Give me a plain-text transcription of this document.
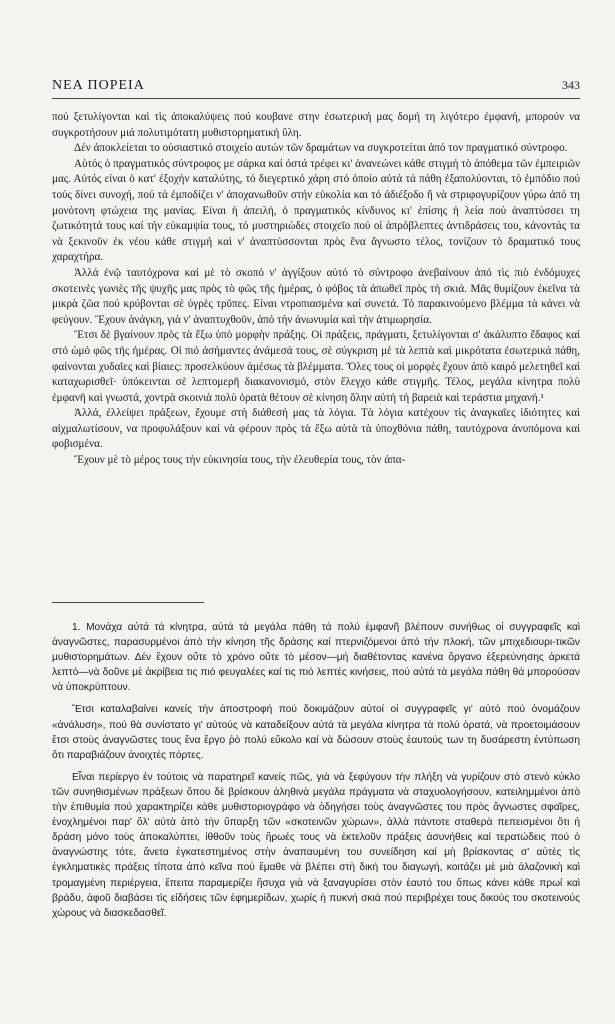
ΝΕΑ ΠΟΡΕΙΑ	343

πού ξετυλίγονται καὶ τὶς ἀποκαλύψεις πού κουβανε στην ἐσωτερική μας δομή τη λιγότερο ἐμφανή, μπορούν να συγκροτήσουν μιά πολυτιμότατη μυθιστορηματική ὕλη.

Δέν ἀποκλείεται το οὐσιαστικό στοιχείο αυτών τῶν δραμάτων να συγκροτείται ἀπό τον πραγματικό σύντροφο.

Αὐτός ὁ πραγματικός σύντροφος με σάρκα καί ὀστά τρέφει κι' ἀνανεώνει κάθε στιγμή τὸ ἀπόθεμα τῶν ἐμπειριῶν μας. Αὐτός είναι ὁ κατ' ἐξοχήν καταλύτης, τό διεγερτικό χάρη στό ὁποίο αὐτά τά πάθη ἐξαπολύονται, τό ἐμπόδιο πού τούς δίνει συνοχή, πού τά ἐμποδίζει ν' ἀποχανωθοῦν στήν εὐκολία και τό ἀδιέξοδο ἤ νὰ στριφογυρίζουν γύρω ἀπό τη μονότονη φτώχεια της μανίας. Είναι ἡ ἀπειλή, ὁ πραγματικός κίνδυνος κι' ἐπίσης ἡ λεία πού ἀναπτύσσει τη ζωτικότητά τους καί τήν εὐκαμψία τους, τό μυστηριώδες στοιχεῖο πού οἱ ἀπρόβλεπτες ἀντιδράσεις του, κάνοντάς τα νὰ ξεκινοῦν ἐκ νέου κάθε στιγμή καὶ ν' ἀναπτύσσονται πρὸς ἕνα ἄγνωστο τέλος, τονίζουν τὸ δραματικό τους χαραχτήρα.

Ἀλλά ἐνῷ ταυτόχρονα καί μὲ τὸ σκοπό ν' ἀγγίξουν αὐτό τὸ σύντροφο ἀνεβαίνουν ἀπό τὶς πιὸ ἐνδόμυχες σκοτεινὲς γωνιὲς τῆς ψυχῆς μας πρὸς τὸ φῶς τῆς ἡμέρας, ὁ φόβος τὰ ἀπωθεῖ πρὸς τὴ σκιά. Μᾶς θυμίζουν ἐκεῖνα τὰ μικρὰ ζῶα πού κρύβονται σὲ ὑγρὲς τρῦπες. Είναι ντροπιασμένα καί συνετά. Τό παρακινούμενο βλέμμα τὰ κάνει νὰ φεύγουν. Ἔχουν ἀνάγκη, γιὰ ν' ἀναπτυχθοῦν, ἀπό τὴν ἀνωνυμία καὶ τὴν ἀτιμωρησία.

Ἔτσι δὲ βγαίνουν πρὸς τὰ ἔξω ὑπὸ μορφὴν πράξης. Οἱ πράξεις, πράγματι, ξετυλίγονται σ' ἀκάλυπτο ἔδαφος καί στό ὠμό φῶς τῆς ἡμέρας. Οἱ πιό ἀσήμαντες ἀνάμεσά τους, σὲ σύγκριση μὲ τὰ λεπτὰ καὶ μικρότατα ἐσωτερικά πάθη, φαίνονται χυδαῖες καὶ βίαιες: προσελκύουν ἀμέσως τὰ βλέμματα. Ὅλες τους οἱ μορφὲς ἔχουν ἀπὸ καιρό μελετηθεῖ καὶ καταχωρισθεῖ· ὑπόκεινται σὲ λεπτομερῆ διακανονισμό, στὸν ἔλεγχο κάθε στιγμῆς. Τέλος, μεγάλα κίνητρα πολὺ ἐμφανῆ καὶ γνωστά, χοντρὰ σκοινιὰ πολὺ ὁρατὰ θέτουν σὲ κίνηση ὅλην αὐτὴ τὴ βαρειὰ καὶ τεράστια μηχανή.¹

Ἀλλά, ἐλλείψει πράξεων, ἔχουμε στὴ διάθεσή μας τὰ λόγια. Τὰ λόγια κατέχουν τὶς ἀναγκαῖες ἰδιότητες καὶ αἰχμαλωτίσουν, να προφυλάξουν καί νὰ φέρουν πρὸς τὰ ἔξω αὐτὰ τὰ ὑποχθόνια πάθη, ταυτόχρονα ἀνυπόμονα καί φοβισμένα.

Ἔχουν μὲ τὸ μέρος τους τὴν εὐκινησία τους, τὴν ἐλευθερία τους, τὸν ἀπα-

1. Μονάχα αὐτά τά κίνητρα, αὐτά τά μεγάλα πάθη τά πολύ ἐμφανῆ βλέπουν συνήθως οἱ συγγραφεῖς καὶ ἀναγνῶστες, παρασυρμένοι ἀπὸ τὴν κίνηση τῆς δράσης καί πτερνιζόμενοι ἀπό τήν πλοκή, τῶν μπιχεδιουρι-τικῶν μυθιστορημάτων. Δέν ἔχουν οὔτε τὸ χρόνο οὔτε τὸ μέσον—μή διαθέτοντας κανένα ὄργανο ἐξερεύνησης ἀρκετά λεπτό—νὰ δοῦνε μὲ ἀκρίβεια τις πιό φευγαλέες καί τις πιό λεπτές κινήσεις, πού αὐτά τὰ μεγάλα πάθη θά μπορούσαν νὰ ὑποκρύπτουν.

Ἔτσι καταλαβαίνει κανείς τὴν ἀποστροφή πού δοκιμάζουν αὐτοί οἱ συγγραφεῖς γι' αὐτό πού ὀνομάζουν «ἀνάλυση», πού θὰ συνίστατο γι' αὐτούς νὰ καταδείξουν αὐτά τὰ μεγάλα κίνητρα τὰ πολύ ὁρατά, νὰ προετοιμάσουν ἔτσι στοὺς ἀναγνῶστες τους ἕνα ἔργο ῥὸ πολύ εὔκολο καί νὰ δώσουν στοὺς ἑαυτούς των τη δυσάρεστη ἐντύπωση ὅτι παραβιάζουν ἀνοιχτές πόρτες.

Εἶναι περίεργο ἐν τούτοις νὰ παρατηρεῖ κανείς πῶς, γιὰ νὰ ξεφύγουν τὴν πλήξη νὰ γυρίζουν στὸ στενὸ κύκλο τῶν συνηθισμένων πράξεων ὅπου δὲ βρίσκουν ἀληθινὰ μεγάλα πράγματα νὰ σταχυολογήσουν, κατειλημμένοι ἀπὸ τὴν ἐπιθυμία πού χαρακτηρίζει κάθε μυθιστοριογράφο νὰ ὁδηγήσει τοὺς ἀναγνῶστες του πρὸς ἄγνωστες σφαῖρες, ἐνοχλημένοι παρ' ὅλ' αὐτὰ ἀπὸ τὴν ὕπαρξη τῶν «σκοτεινῶν χώρων», ἀλλὰ πάντοτε σταθερὰ πεπεισμένοι ὅτι ἡ δράση μόνο τοὺς ἀποκαλύπτει, ἰθθοῦν τοὺς ἥρωές τους νὰ ἐκτελοῦν πράξεις ἀσυνήθεις καί τερατώδεις πού ὁ ἀναγνώστης τότε, ἄνετα ἐγκατεστημένος στὴν ἀναπαυμένη του συνείδηση καί μὴ βρίσκοντας σ' αὐτὲς τὶς ἐγκληματικὲς πράξεις τίποτα ἀπὸ κεῖνα πού ἔμαθε νὰ βλέπει στὴ δική του διαγωγή, κοιτάζει μὲ μιὰ ἀλαζονικὴ καὶ τρομαγμένη περιέργεια, ἔπειτα παραμερίζει ἥσυχα γιὰ νὰ ξαναγυρίσει στὸν ἑαυτό του ὅπως κάνει κάθε πρωί καὶ βράδυ, ἀφοῦ διαβάσει τὶς εἰδήσεις τῶν ἐφημερίδων, χωρίς ἡ πυκνή σκιά πού περιβρέχει τους δικούς του σκοτεινούς χώρους νὰ διασκεδασθεῖ.
